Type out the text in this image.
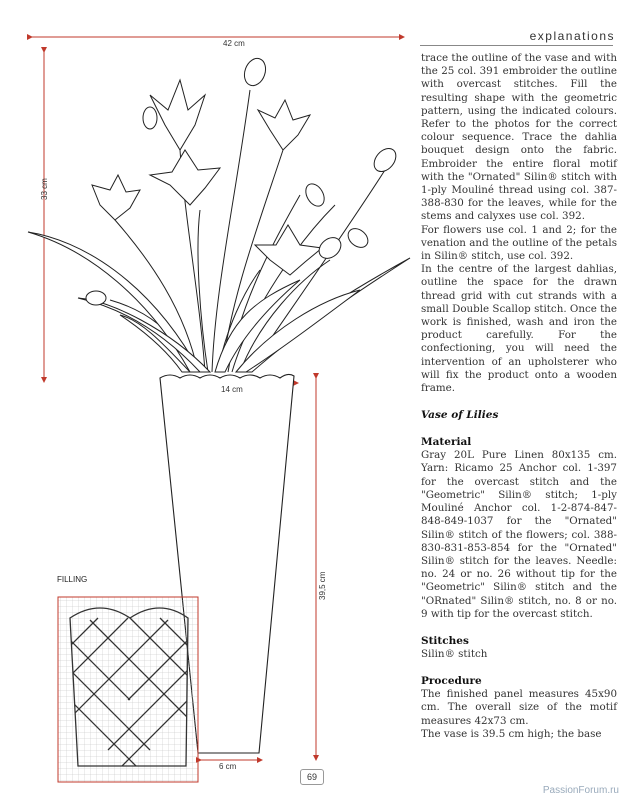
explanations
42 cm
33 cm
14 cm
39,5 cm
6 cm
FILLING

trace the outline of the vase and with the 25 col. 391 embroider the outline with overcast stitches. Fill the resulting shape with the geometric pattern, using the indicated colours. Refer to the photos for the correct colour sequence. Trace the dahlia bouquet design onto the fabric. Embroider the entire floral motif with the "Ornated" Silin® stitch with 1-ply Mouliné thread using col. 387-388-830 for the leaves, while for the stems and calyxes use col. 392.

For flowers use col. 1 and 2; for the venation and the outline of the petals in Silin® stitch, use col. 392.

In the centre of the largest dahlias, outline the space for the drawn thread grid with cut strands with a small Double Scallop stitch. Once the work is finished, wash and iron the product carefully. For the confectioning, you will need the intervention of an upholsterer who will fix the product onto a wooden frame.

Vase of Lilies
Material

Gray 20L Pure Linen 80x135 cm. Yarn: Ricamo 25 Anchor col. 1-397 for the overcast stitch and the "Geometric" Silin® stitch; 1-ply Mouliné Anchor col. 1-2-874-847-848-849-1037 for the "Ornated" Silin® stitch of the flowers; col. 388-830-831-853-854 for the "Ornated" Silin® stitch for the leaves. Needle: no. 24 or no. 26 without tip for the "Geometric" Silin® stitch and the "ORnated" Silin® stitch, no. 8 or no. 9 with tip for the overcast stitch.

Stitches

Silin® stitch

Procedure

The finished panel measures 45x90 cm. The overall size of the motif measures 42x73 cm.

The vase is 39.5 cm high; the base

69
PassionForum.ru
